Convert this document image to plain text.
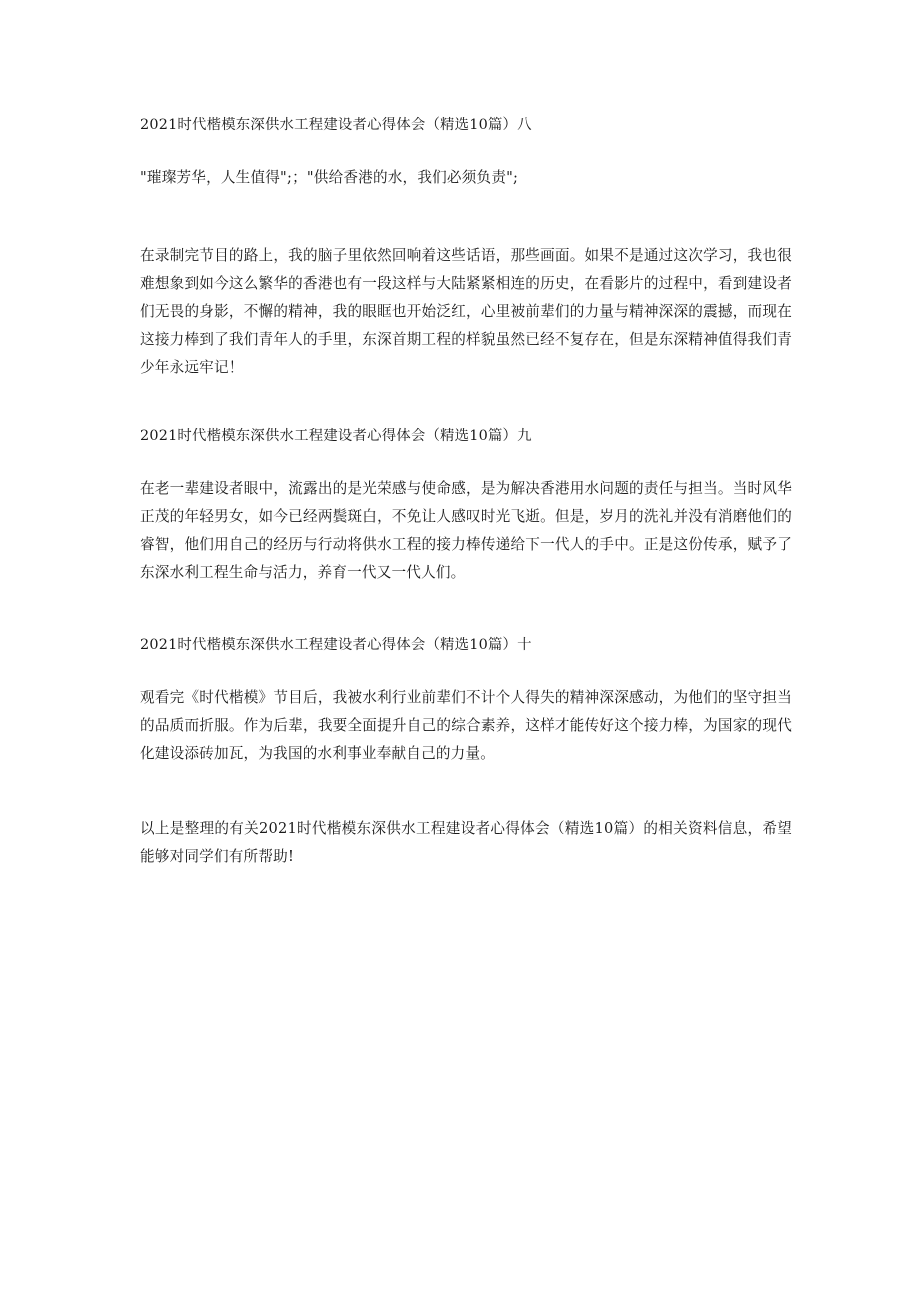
2021时代楷模东深供水工程建设者心得体会（精选10篇）八

"璀璨芳华，人生值得";；"供给香港的水，我们必须负责";

在录制完节目的路上，我的脑子里依然回响着这些话语，那些画面。如果不是通过这次学习，我也很难想象到如今这么繁华的香港也有一段这样与大陆紧紧相连的历史，在看影片的过程中，看到建设者们无畏的身影，不懈的精神，我的眼眶也开始泛红，心里被前辈们的力量与精神深深的震撼，而现在这接力棒到了我们青年人的手里，东深首期工程的样貌虽然已经不复存在，但是东深精神值得我们青少年永远牢记！

2021时代楷模东深供水工程建设者心得体会（精选10篇）九

在老一辈建设者眼中，流露出的是光荣感与使命感，是为解决香港用水问题的责任与担当。当时风华正茂的年轻男女，如今已经两鬓斑白，不免让人感叹时光飞逝。但是，岁月的洗礼并没有消磨他们的睿智，他们用自己的经历与行动将供水工程的接力棒传递给下一代人的手中。正是这份传承，赋予了东深水利工程生命与活力，养育一代又一代人们。

2021时代楷模东深供水工程建设者心得体会（精选10篇）十

观看完《时代楷模》节目后，我被水利行业前辈们不计个人得失的精神深深感动，为他们的坚守担当的品质而折服。作为后辈，我要全面提升自己的综合素养，这样才能传好这个接力棒，为国家的现代化建设添砖加瓦，为我国的水利事业奉献自己的力量。

以上是整理的有关2021时代楷模东深供水工程建设者心得体会（精选10篇）的相关资料信息，希望能够对同学们有所帮助!
